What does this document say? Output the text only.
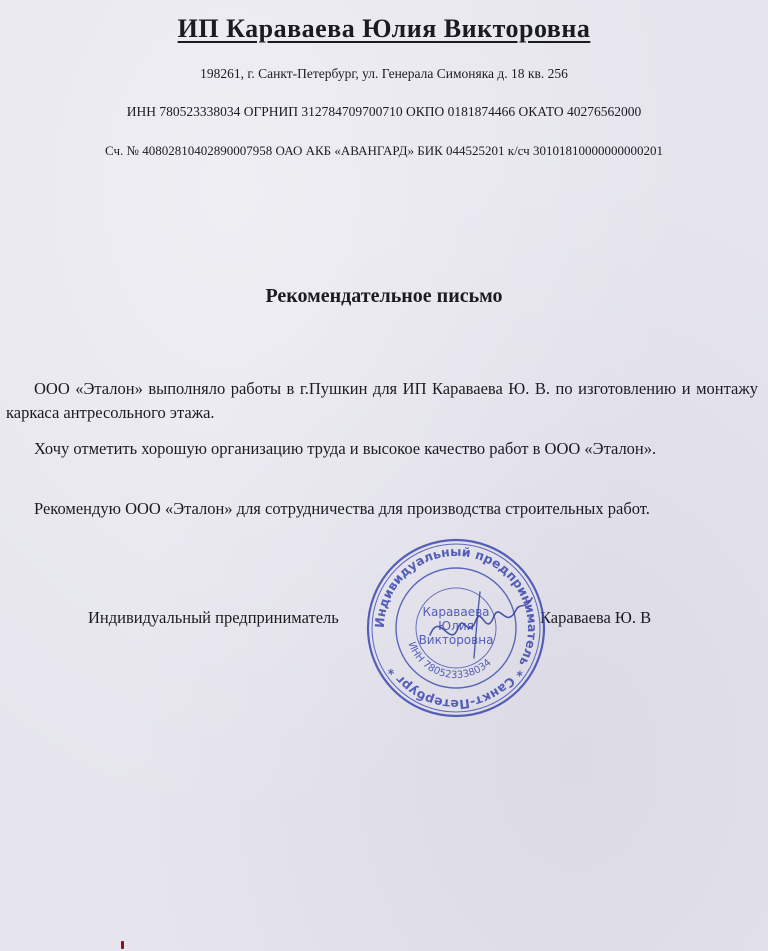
ИП Караваева Юлия Викторовна
198261, г. Санкт-Петербург, ул. Генерала Симоняка д. 18 кв. 256
ИНН 780523338034 ОГРНИП 312784709700710 ОКПО 0181874466 ОКАТО 40276562000
Сч. № 40802810402890007958 ОАО АКБ «АВАНГАРД» БИК 044525201 к/сч 30101810000000000201
Рекомендательное письмо
ООО «Эталон» выполняло работы в г.Пушкин для ИП Караваева Ю. В. по изготовлению и монтажу каркаса антресольного этажа.
Хочу отметить хорошую организацию труда и высокое качество работ в ООО «Эталон».
Рекомендую ООО «Эталон» для сотрудничества для производства строительных работ.
Индивидуальный предприниматель	Караваева Ю. В
Индивидуальный предприниматель * Санкт-Петербург *
ИНН 780523338034
Караваева
Юлия
Викторовна
